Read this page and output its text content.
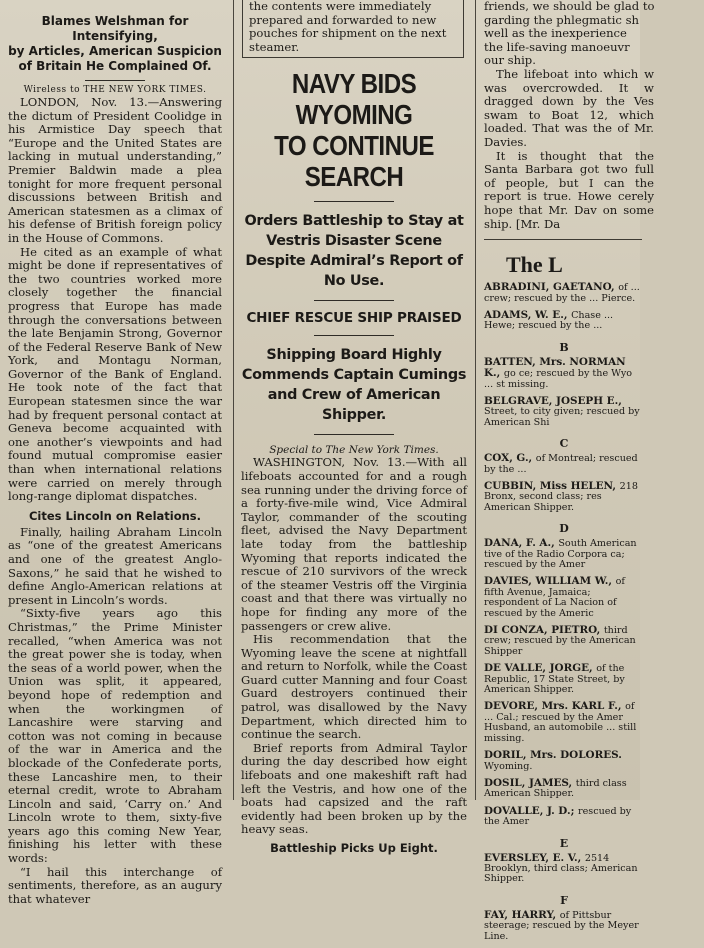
Blames Welshman for Intensifying,

by Articles, American Suspicion

of Britain He Complained Of.

Wireless to THE NEW YORK TIMES.

LONDON, Nov. 13.—Answering the dictum of President Coolidge in his Armistice Day speech that “Europe and the United States are lacking in mutual understanding,” Premier Baldwin made a plea tonight for more frequent personal discussions between British and American statesmen as a climax of his defense of British foreign policy in the House of Commons.

He cited as an example of what might be done if representatives of the two countries worked more closely together the financial progress that Europe has made through the conversations between the late Benjamin Strong, Governor of the Federal Reserve Bank of New York, and Montagu Norman, Governor of the Bank of England. He took note of the fact that European statesmen since the war had by frequent personal contact at Geneva become acquainted with one another’s viewpoints and had found mutual compromise easier than when international relations were carried on merely through long-range diplomat dispatches.

Cites Lincoln on Relations.

Finally, hailing Abraham Lincoln as “one of the greatest Americans and one of the greatest Anglo-Saxons,” he said that he wished to define Anglo-American relations at present in Lincoln’s words.

“Sixty-five years ago this Christmas,” the Prime Minister recalled, “when America was not the great power she is today, when the seas of a world power, when the Union was split, it appeared, beyond hope of redemption and when the workingmen of Lancashire were starving and cotton was not coming in because of the war in America and the blockade of the Confederate ports, these Lancashire men, to their eternal credit, wrote to Abraham Lincoln and said, ‘Carry on.’ And Lincoln wrote to them, sixty-five years ago this coming New Year, finishing his letter with these words:

“I hail this interchange of sentiments, therefore, as an augury that whatever

the contents were immediately prepared and forwarded to new pouches for shipment on the next steamer.

NAVY BIDS WYOMING
TO CONTINUE SEARCH

Orders Battleship to Stay at Vestris Disaster Scene Despite Admiral’s Report of No Use.

CHIEF RESCUE SHIP PRAISED

Shipping Board Highly Commends Captain Cumings and Crew of American Shipper.

Special to The New York Times.

WASHINGTON, Nov. 13.—With all lifeboats accounted for and a rough sea running under the driving force of a forty-five-mile wind, Vice Admiral Taylor, commander of the scouting fleet, advised the Navy Department late today from the battleship Wyoming that reports indicated the rescue of 210 survivors of the wreck of the steamer Vestris off the Virginia coast and that there was virtually no hope for finding any more of the passengers or crew alive.

His recommendation that the Wyoming leave the scene at nightfall and return to Norfolk, while the Coast Guard cutter Manning and four Coast Guard destroyers continued their patrol, was disallowed by the Navy Department, which directed him to continue the search.

Brief reports from Admiral Taylor during the day described how eight lifeboats and one makeshift raft had left the Vestris, and how one of the boats had capsized and the raft evidently had been broken up by the heavy seas.

Battleship Picks Up Eight.

friends, we should be glad to

garding the phlegmatic sh

well as the inexperience

the life-saving manoeuvr

our ship.

The lifeboat into which w was overcrowded. It w dragged down by the Ves swam to Boat 12, which loaded. That was the of Mr. Davies.

It is thought that the Santa Barbara got two full of people, but I can the report is true. Howe cerely hope that Mr. Dav on some ship. [Mr. Da

The L

ABRADINI, GAETANO, of ... crew; rescued by the ... Pierce.

ADAMS, W. E., Chase ... Hewe; rescued by the ...

B

BATTEN, Mrs. NORMAN K., go ce; rescued by the Wyo ... st missing.

BELGRAVE, JOSEPH E., Street, to city given; rescued by American Shi

C

COX, G., of Montreal; rescued by the ...

CUBBIN, Miss HELEN, 218 Bronx, second class; res American Shipper.

D

DANA, F. A., South American tive of the Radio Corpora ca; rescued by the Amer

DAVIES, WILLIAM W., of fifth Avenue, Jamaica; respondent of La Nacion of rescued by the Americ

DI CONZA, PIETRO, third crew; rescued by the American Shipper

DE VALLE, JORGE, of the Republic, 17 State Street, by American Shipper.

DEVORE, Mrs. KARL F., of ... Cal.; rescued by the Amer Husband, an automobile ... still missing.

DORIL, Mrs. DOLORES. Wyoming.

DOSIL, JAMES, third class American Shipper.

DOVALLE, J. D.; rescued by the Amer

E

EVERSLEY, E. V., 2514 Brooklyn, third class; American Shipper.

F

FAY, HARRY, of Pittsbur steerage; rescued by the Meyer Line.
